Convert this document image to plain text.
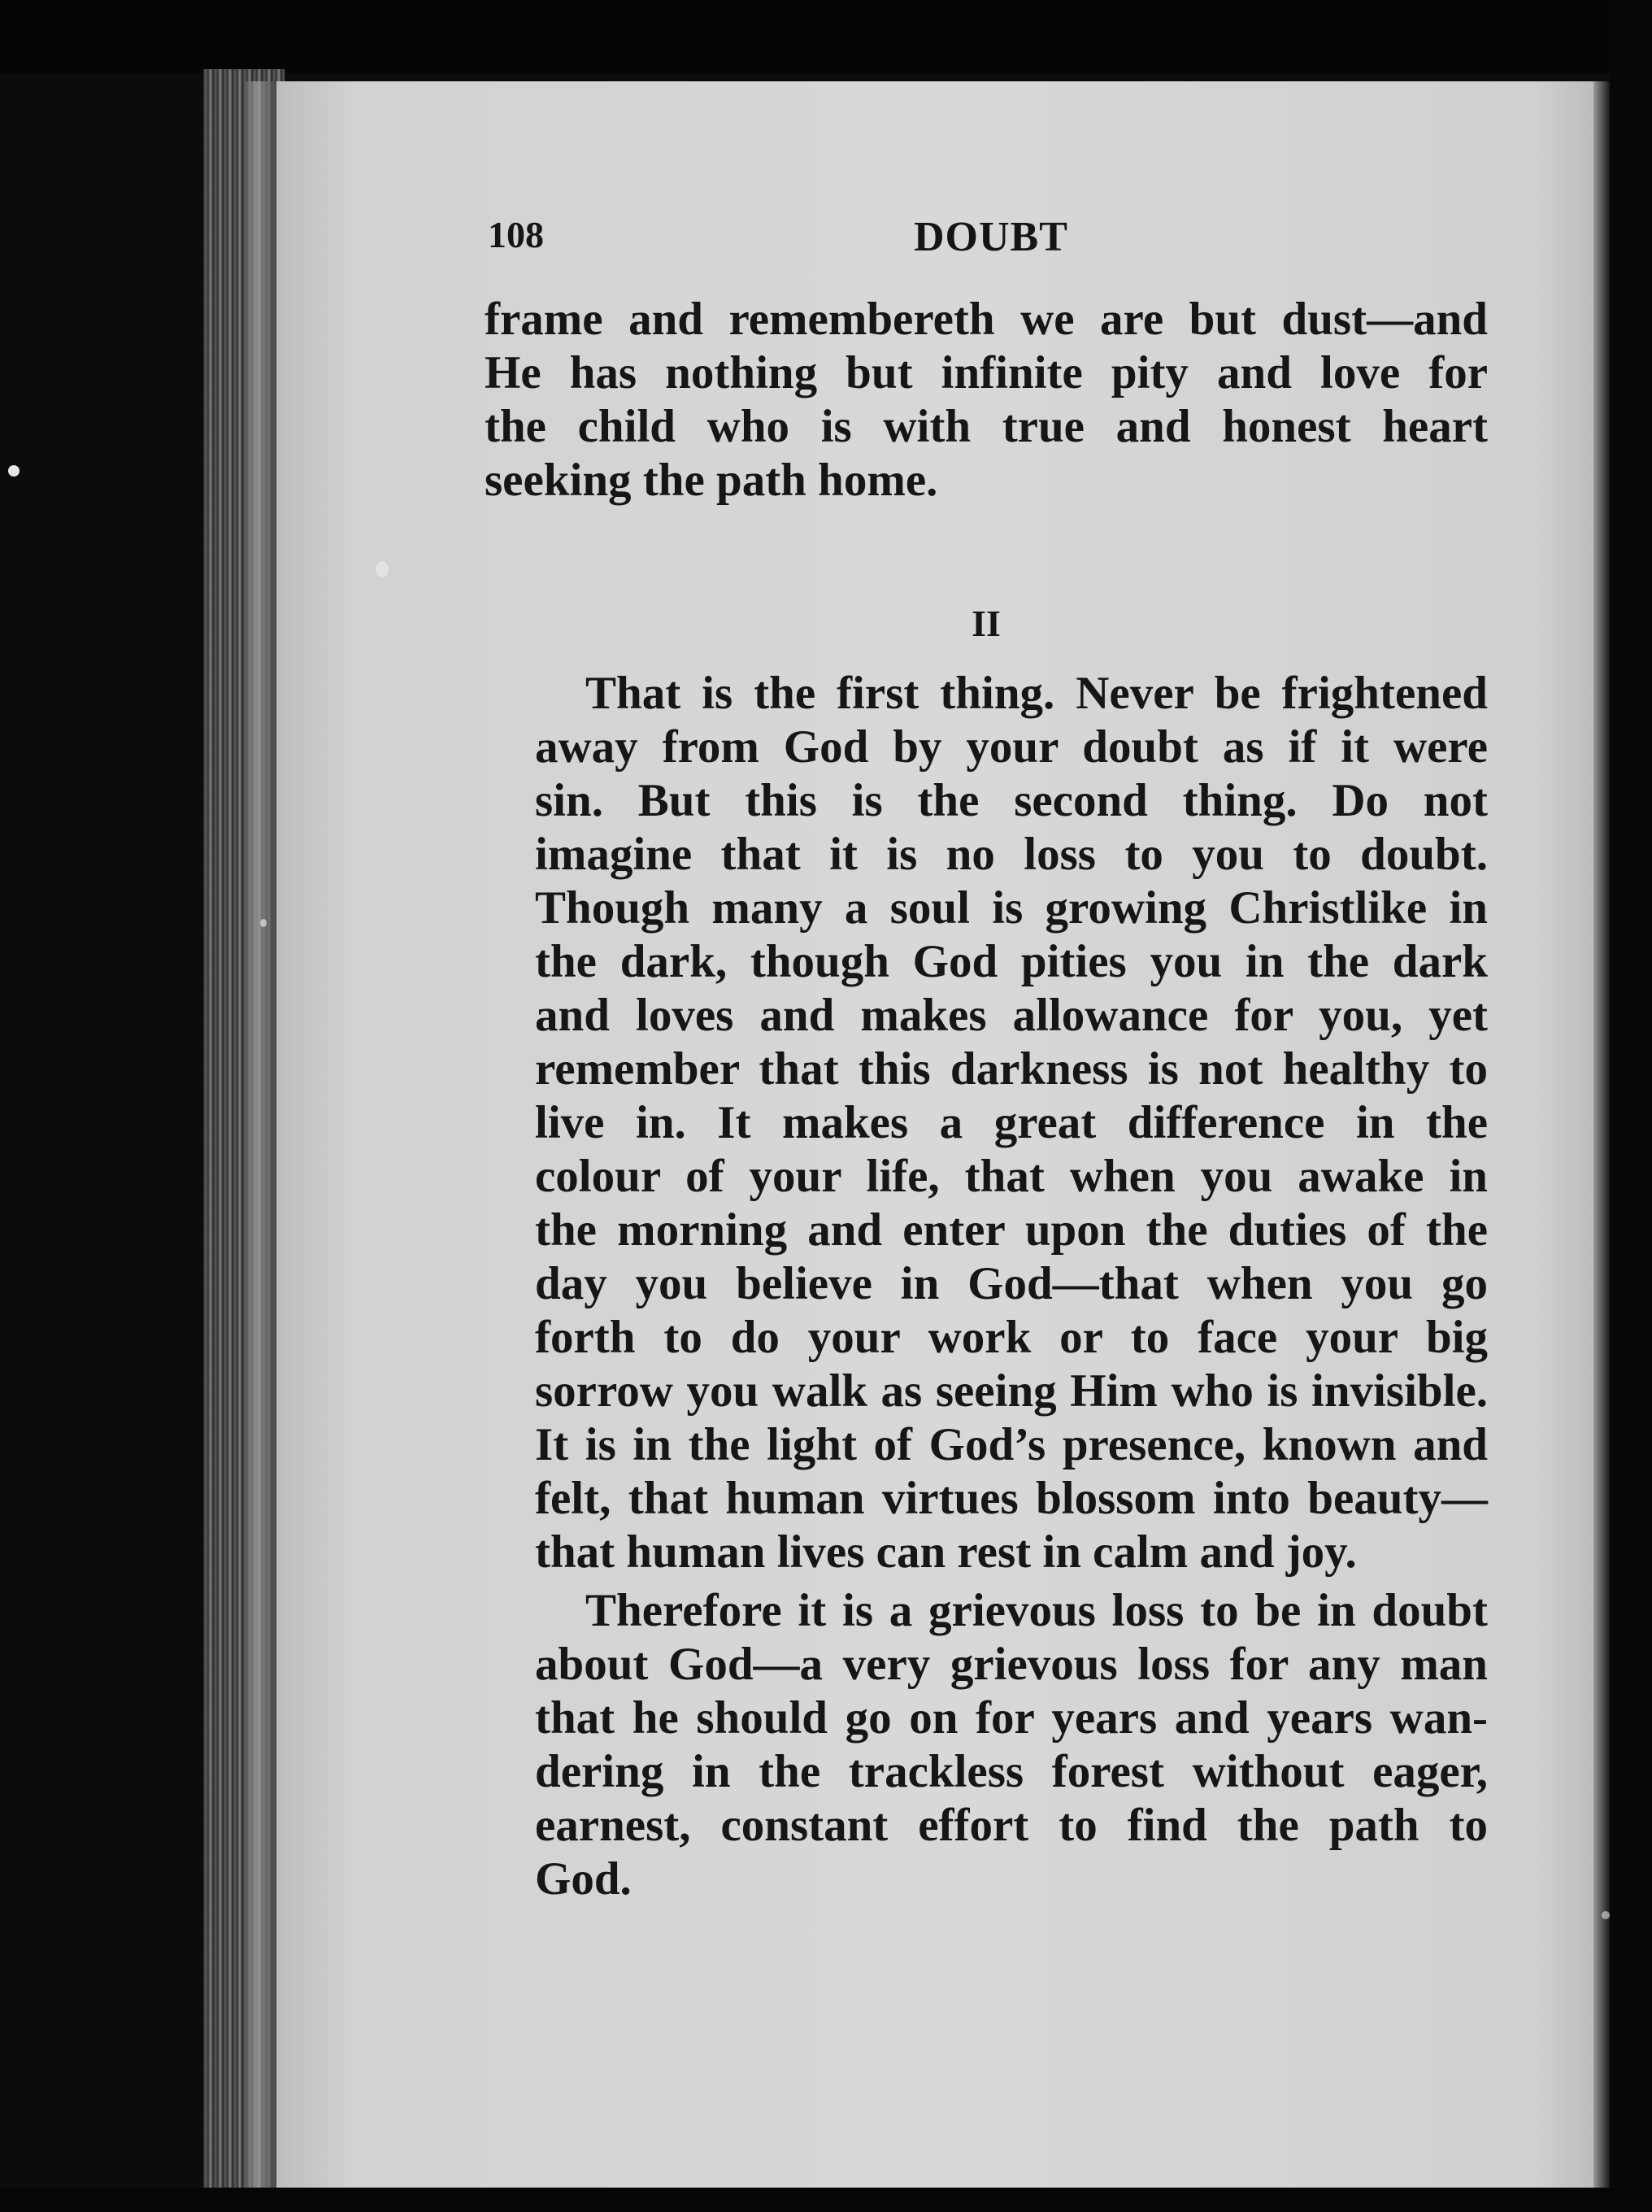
108	DOUBT
frame and remembereth we are but dust—and
He has nothing but infinite pity and love for
the child who is with true and honest heart
seeking the path home.
II
That is the first thing. Never be frightened
away from God by your doubt as if it were
sin. But this is the second thing. Do not
imagine that it is no loss to you to doubt.
Though many a soul is growing Christlike in
the dark, though God pities you in the dark
and loves and makes allowance for you, yet
remember that this darkness is not healthy to
live in. It makes a great difference in the
colour of your life, that when you awake in
the morning and enter upon the duties of the
day you believe in God—that when you go
forth to do your work or to face your big
sorrow you walk as seeing Him who is invisible.
It is in the light of God’s presence, known and
felt, that human virtues blossom into beauty—
that human lives can rest in calm and joy.
Therefore it is a grievous loss to be in doubt
about God—a very grievous loss for any man
that he should go on for years and years wan-
dering in the trackless forest without eager,
earnest, constant effort to find the path to
God.
